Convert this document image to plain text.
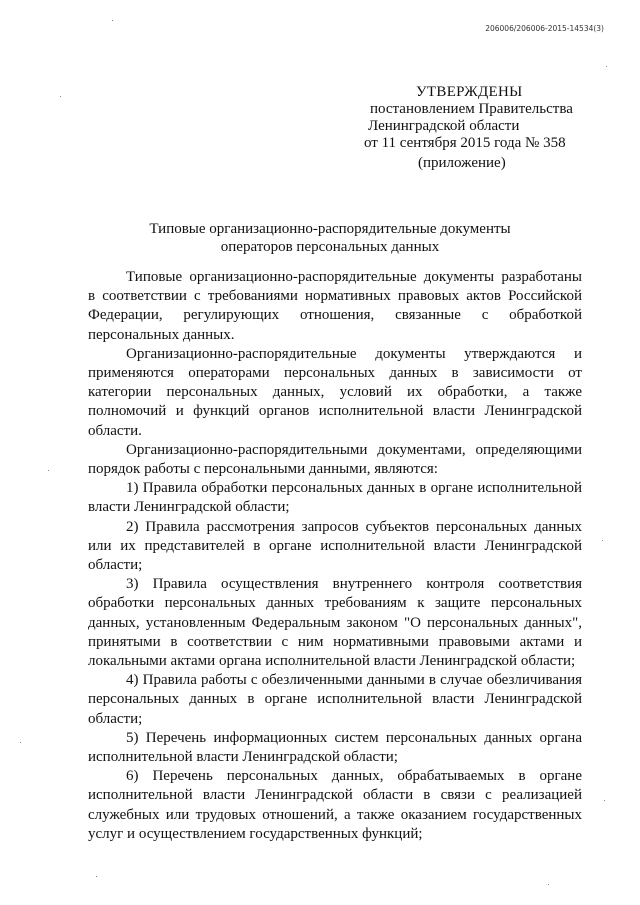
206006/206006-2015-14534(3)
УТВЕРЖДЕНЫ
постановлением Правительства
Ленинградской области
от 11 сентября 2015 года № 358
(приложение)
Типовые организационно-распорядительные документы
операторов персональных данных

Типовые организационно-распорядительные документы разработаны в соответствии с требованиями нормативных правовых актов Российской Федерации, регулирующих отношения, связанные с обработкой персональных данных.

Организационно-распорядительные документы утверждаются и применяются операторами персональных данных в зависимости от категории персональных данных, условий их обработки, а также полномочий и функций органов исполнительной власти Ленинградской области.

Организационно-распорядительными документами, определяющими порядок работы с персональными данными, являются:

1) Правила обработки персональных данных в органе исполнительной власти Ленинградской области;

2) Правила рассмотрения запросов субъектов персональных данных или их представителей в органе исполнительной власти Ленинградской области;

3) Правила осуществления внутреннего контроля соответствия обработки персональных данных требованиям к защите персональных данных, установленным Федеральным законом "О персональных данных", принятыми в соответствии с ним нормативными правовыми актами и локальными актами органа исполнительной власти Ленинградской области;

4) Правила работы с обезличенными данными в случае обезличивания персональных данных в органе исполнительной власти Ленинградской области;

5) Перечень информационных систем персональных данных органа исполнительной власти Ленинградской области;

6) Перечень персональных данных, обрабатываемых в органе исполнительной власти Ленинградской области в связи с реализацией служебных или трудовых отношений, а также оказанием государственных услуг и осуществлением государственных функций;
